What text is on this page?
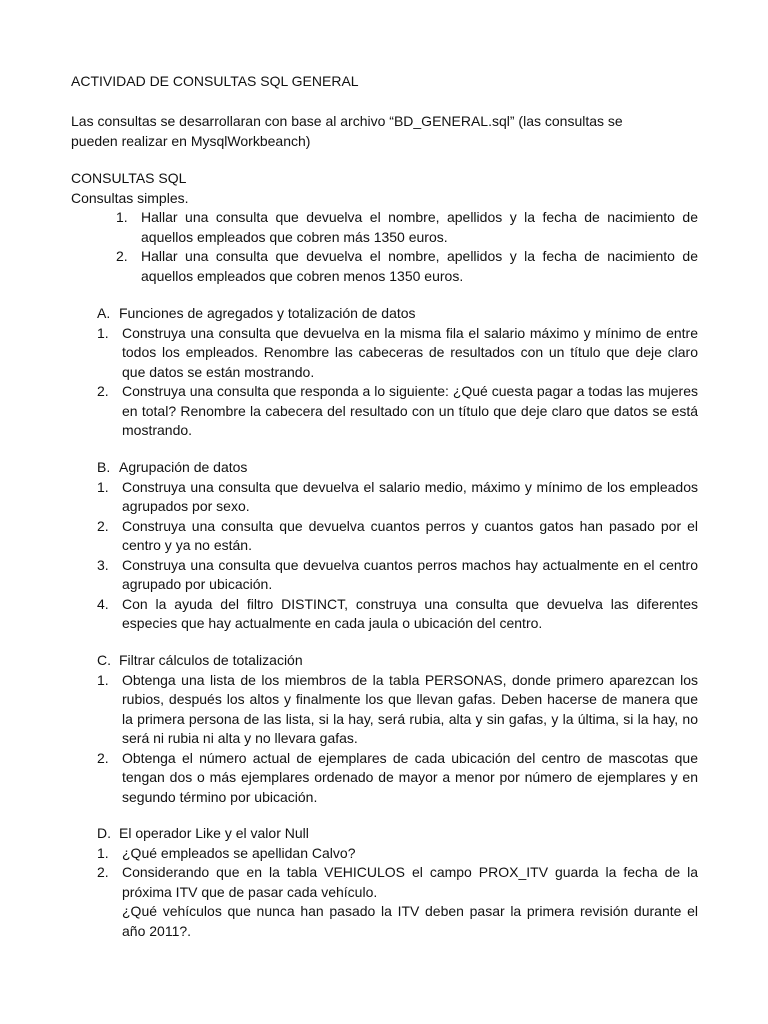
ACTIVIDAD DE CONSULTAS SQL GENERAL
Las consultas se desarrollaran con base al archivo “BD_GENERAL.sql” (las consultas se pueden realizar en MysqlWorkbeanch)
CONSULTAS SQL
Consultas simples.
1. Hallar una consulta que devuelva el nombre, apellidos y la fecha de nacimiento de aquellos empleados que cobren más 1350 euros.
2. Hallar una consulta que devuelva el nombre, apellidos y la fecha de nacimiento de aquellos empleados que cobren menos 1350 euros.
A. Funciones de agregados y totalización de datos
1. Construya una consulta que devuelva en la misma fila el salario máximo y mínimo de entre todos los empleados. Renombre las cabeceras de resultados con un título que deje claro que datos se están mostrando.
2. Construya una consulta que responda a lo siguiente: ¿Qué cuesta pagar a todas las mujeres en total? Renombre la cabecera del resultado con un título que deje claro que datos se está mostrando.
B. Agrupación de datos
1. Construya una consulta que devuelva el salario medio, máximo y mínimo de los empleados agrupados por sexo.
2. Construya una consulta que devuelva cuantos perros y cuantos gatos han pasado por el centro y ya no están.
3. Construya una consulta que devuelva cuantos perros machos hay actualmente en el centro agrupado por ubicación.
4. Con la ayuda del filtro DISTINCT, construya una consulta que devuelva las diferentes especies que hay actualmente en cada jaula o ubicación del centro.
C. Filtrar cálculos de totalización
1. Obtenga una lista de los miembros de la tabla PERSONAS, donde primero aparezcan los rubios, después los altos y finalmente los que llevan gafas. Deben hacerse de manera que la primera persona de las lista, si la hay, será rubia, alta y sin gafas, y la última, si la hay, no será ni rubia ni alta y no llevara gafas.
2. Obtenga el número actual de ejemplares de cada ubicación del centro de mascotas que tengan dos o más ejemplares ordenado de mayor a menor por número de ejemplares y en segundo término por ubicación.
D. El operador Like y el valor Null
1. ¿Qué empleados se apellidan Calvo?
2. Considerando que en la tabla VEHICULOS el campo PROX_ITV guarda la fecha de la próxima ITV que de pasar cada vehículo.
¿Qué vehículos que nunca han pasado la ITV deben pasar la primera revisión durante el año 2011?.
